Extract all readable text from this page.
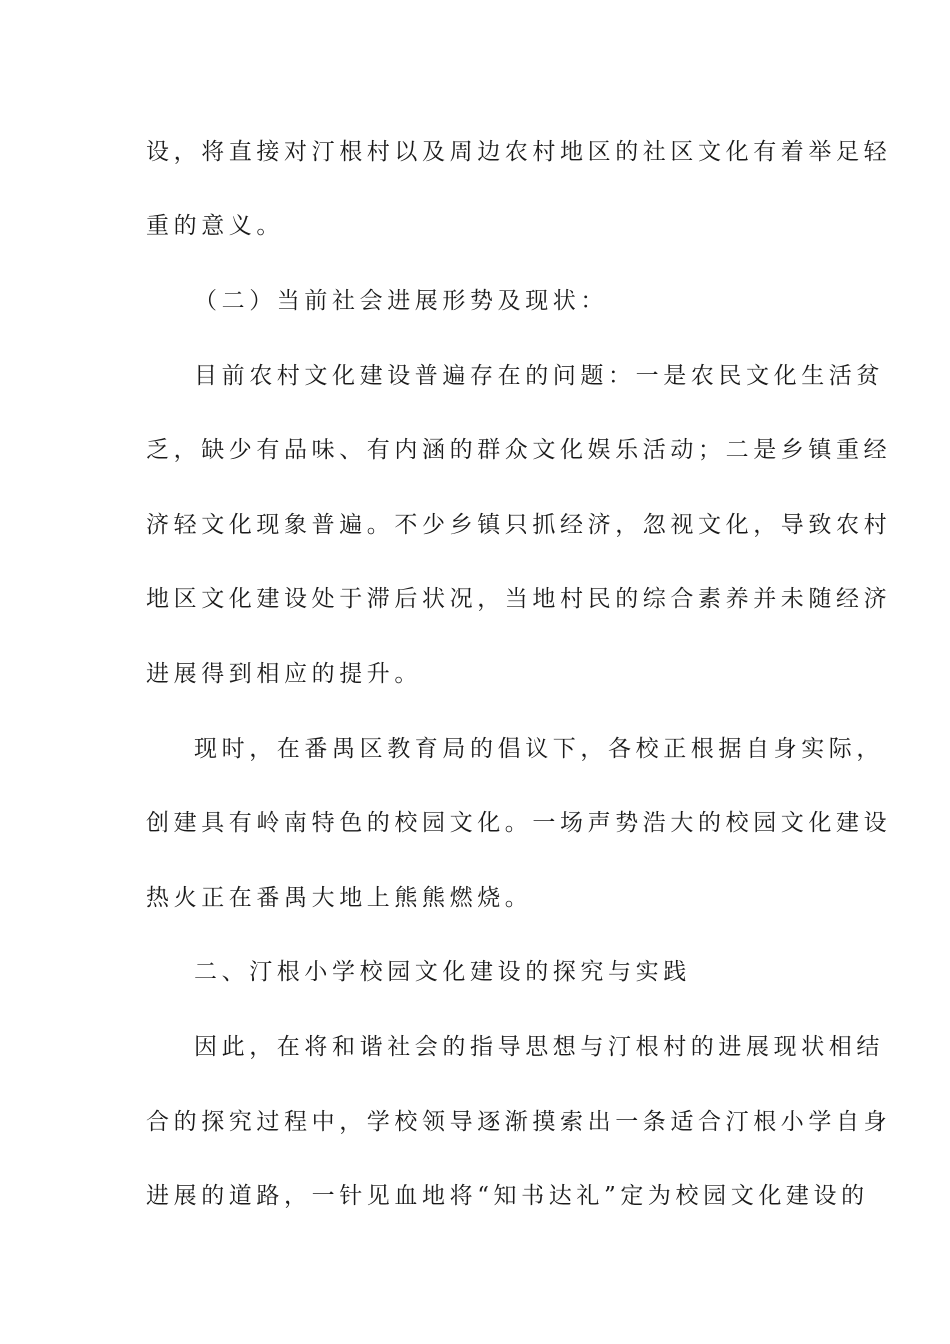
设，将直接对汀根村以及周边农村地区的社区文化有着举足轻
重的意义。
（二）当前社会进展形势及现状：
目前农村文化建设普遍存在的问题：一是农民文化生活贫
乏，缺少有品味、有内涵的群众文化娱乐活动；二是乡镇重经
济轻文化现象普遍。不少乡镇只抓经济，忽视文化，导致农村
地区文化建设处于滞后状况，当地村民的综合素养并未随经济
进展得到相应的提升。
现时，在番禺区教育局的倡议下，各校正根据自身实际，
创建具有岭南特色的校园文化。一场声势浩大的校园文化建设
热火正在番禺大地上熊熊燃烧。
二、汀根小学校园文化建设的探究与实践
因此，在将和谐社会的指导思想与汀根村的进展现状相结
合的探究过程中，学校领导逐渐摸索出一条适合汀根小学自身
进展的道路，一针见血地将“知书达礼”定为校园文化建设的
